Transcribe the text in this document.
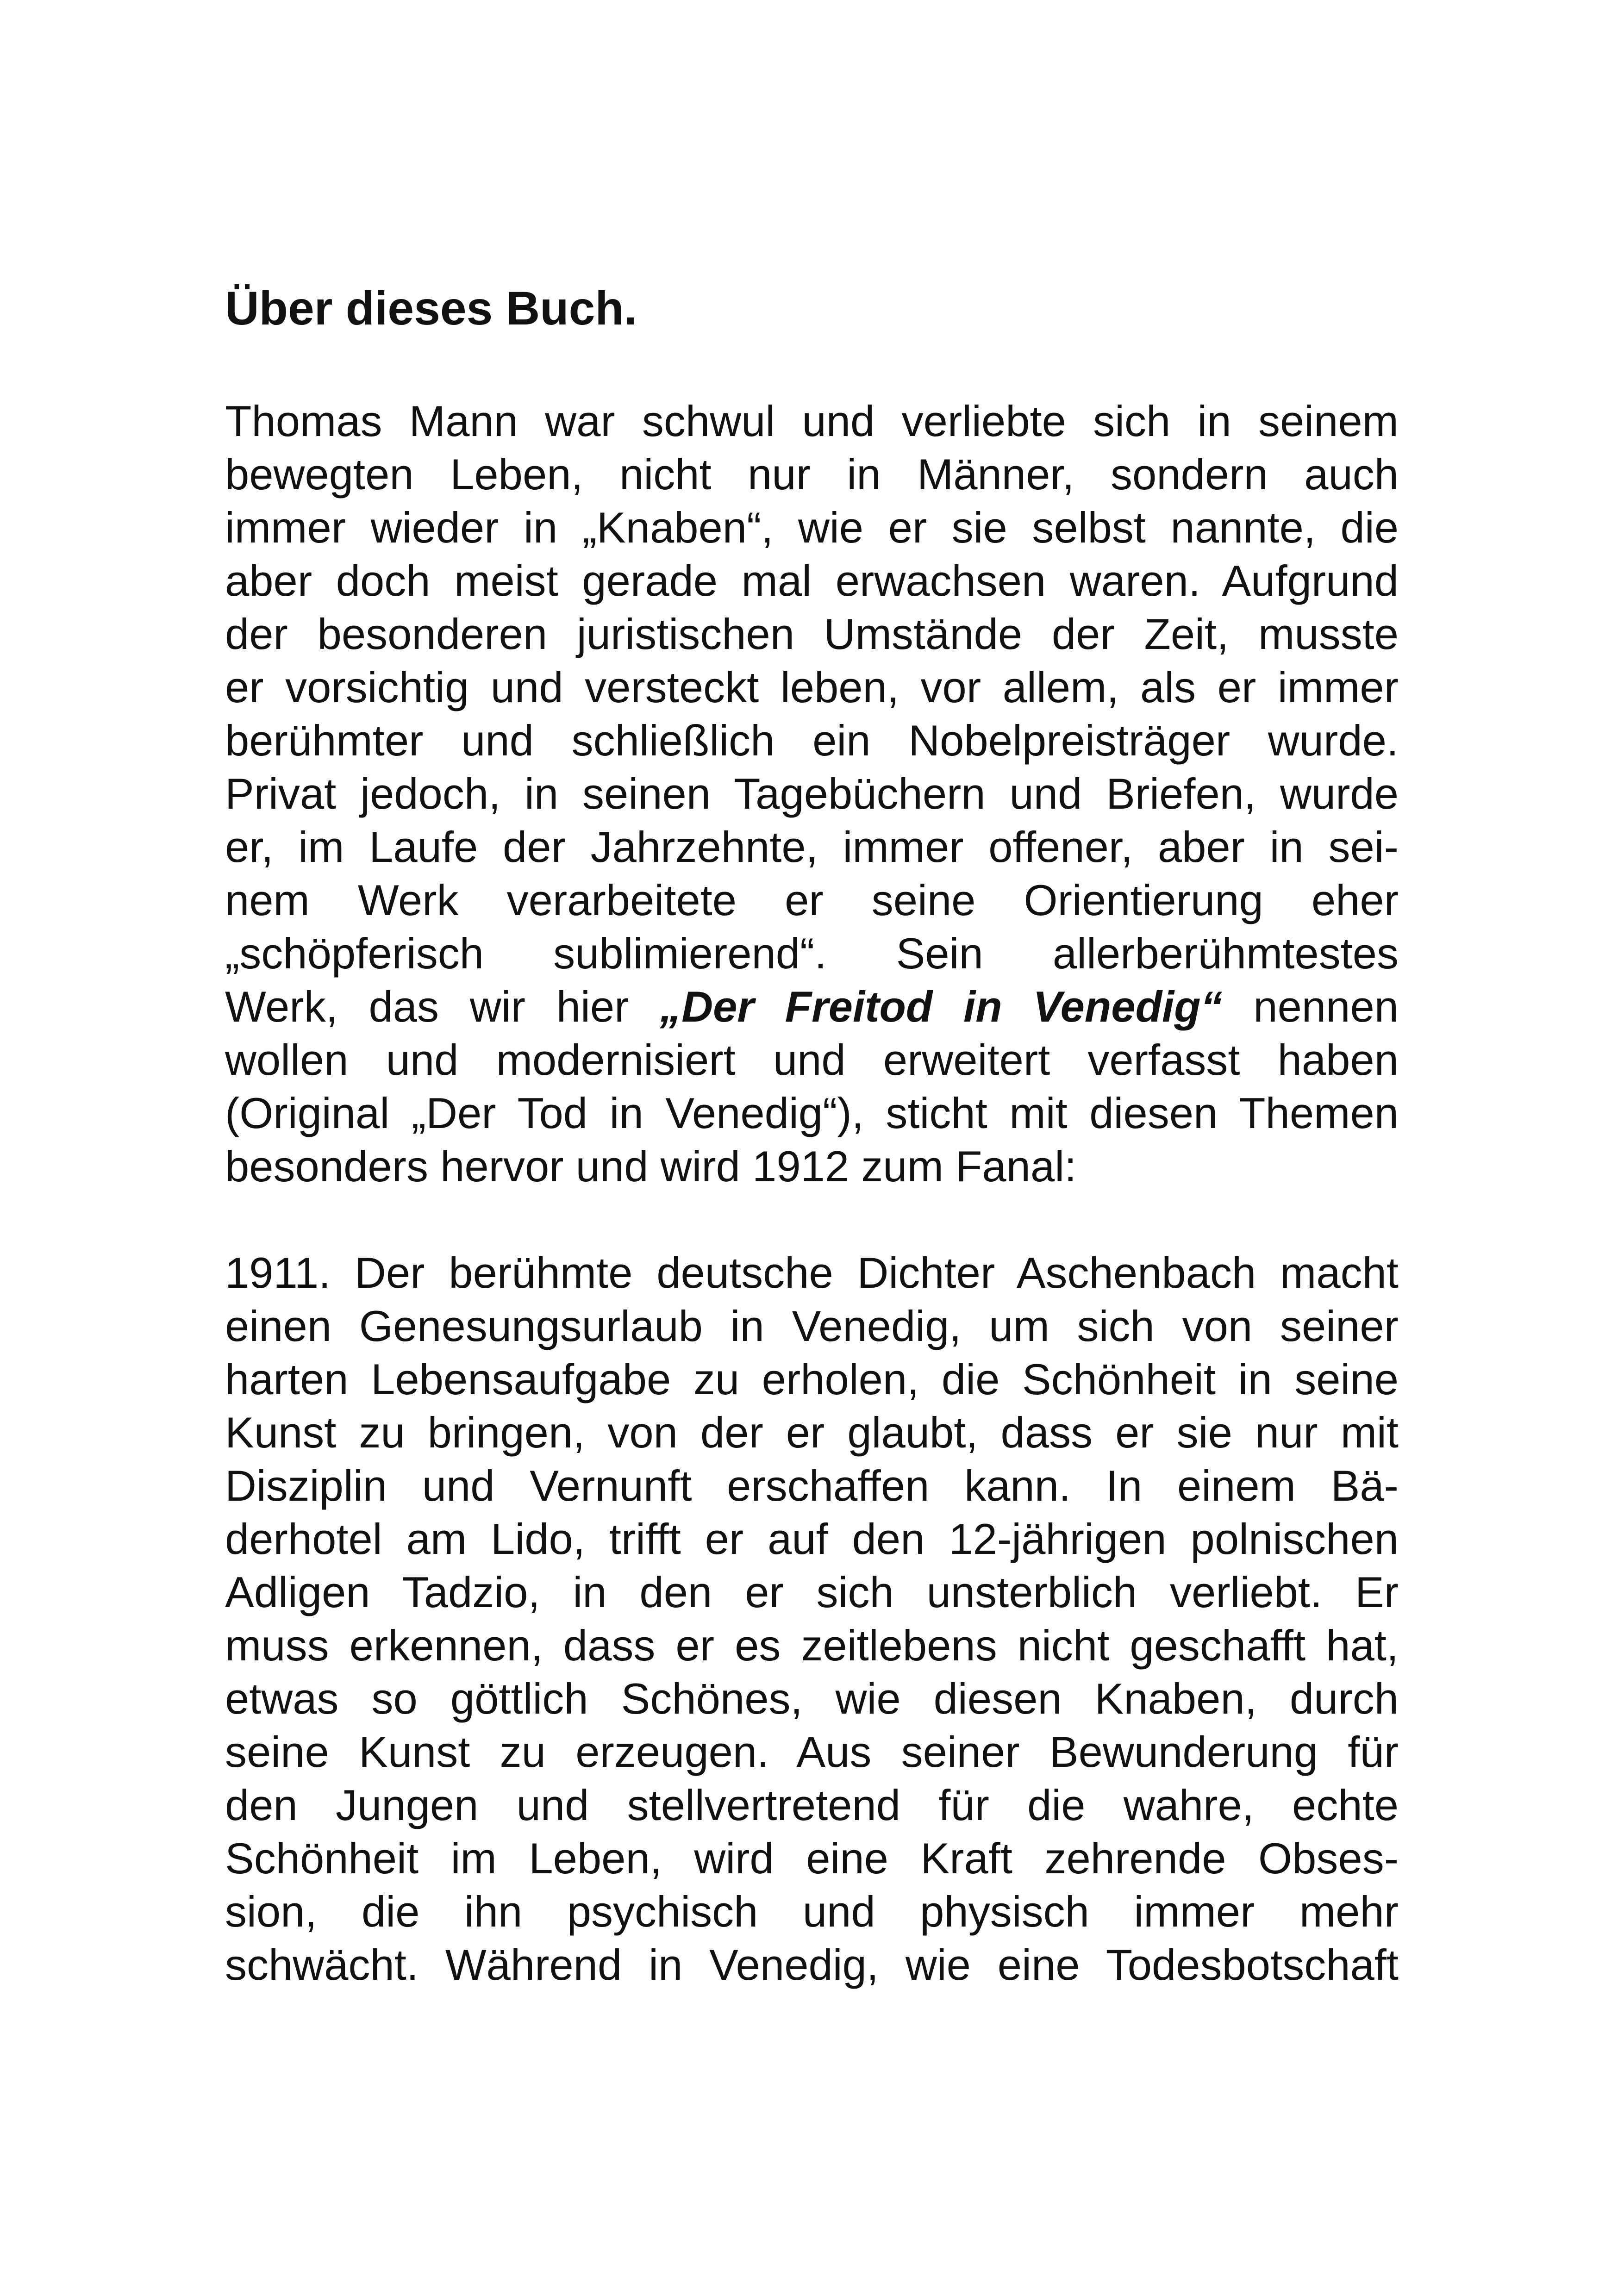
Über dieses Buch.
Thomas Mann war schwul und verliebte sich in seinem
bewegten Leben, nicht nur in Männer, sondern auch
immer wieder in „Knaben“, wie er sie selbst nannte, die
aber doch meist gerade mal erwachsen waren. Aufgrund
der besonderen juristischen Umstände der Zeit, musste
er vorsichtig und versteckt leben, vor allem, als er immer
berühmter und schließlich ein Nobelpreisträger wurde.
Privat jedoch, in seinen Tagebüchern und Briefen, wurde
er, im Laufe der Jahrzehnte, immer offener, aber in sei-
nem Werk verarbeitete er seine Orientierung eher
„schöpferisch sublimierend“. Sein allerberühmtestes
Werk, das wir hier „Der Freitod in Venedig“ nennen
wollen und modernisiert und erweitert verfasst haben
(Original „Der Tod in Venedig“), sticht mit diesen Themen
besonders hervor und wird 1912 zum Fanal:
1911. Der berühmte deutsche Dichter Aschenbach macht
einen Genesungsurlaub in Venedig, um sich von seiner
harten Lebensaufgabe zu erholen, die Schönheit in seine
Kunst zu bringen, von der er glaubt, dass er sie nur mit
Disziplin und Vernunft erschaffen kann. In einem Bä-
derhotel am Lido, trifft er auf den 12-jährigen polnischen
Adligen Tadzio, in den er sich unsterblich verliebt. Er
muss erkennen, dass er es zeitlebens nicht geschafft hat,
etwas so göttlich Schönes, wie diesen Knaben, durch
seine Kunst zu erzeugen. Aus seiner Bewunderung für
den Jungen und stellvertretend für die wahre, echte
Schönheit im Leben, wird eine Kraft zehrende Obses-
sion, die ihn psychisch und physisch immer mehr
schwächt. Während in Venedig, wie eine Todesbotschaft
